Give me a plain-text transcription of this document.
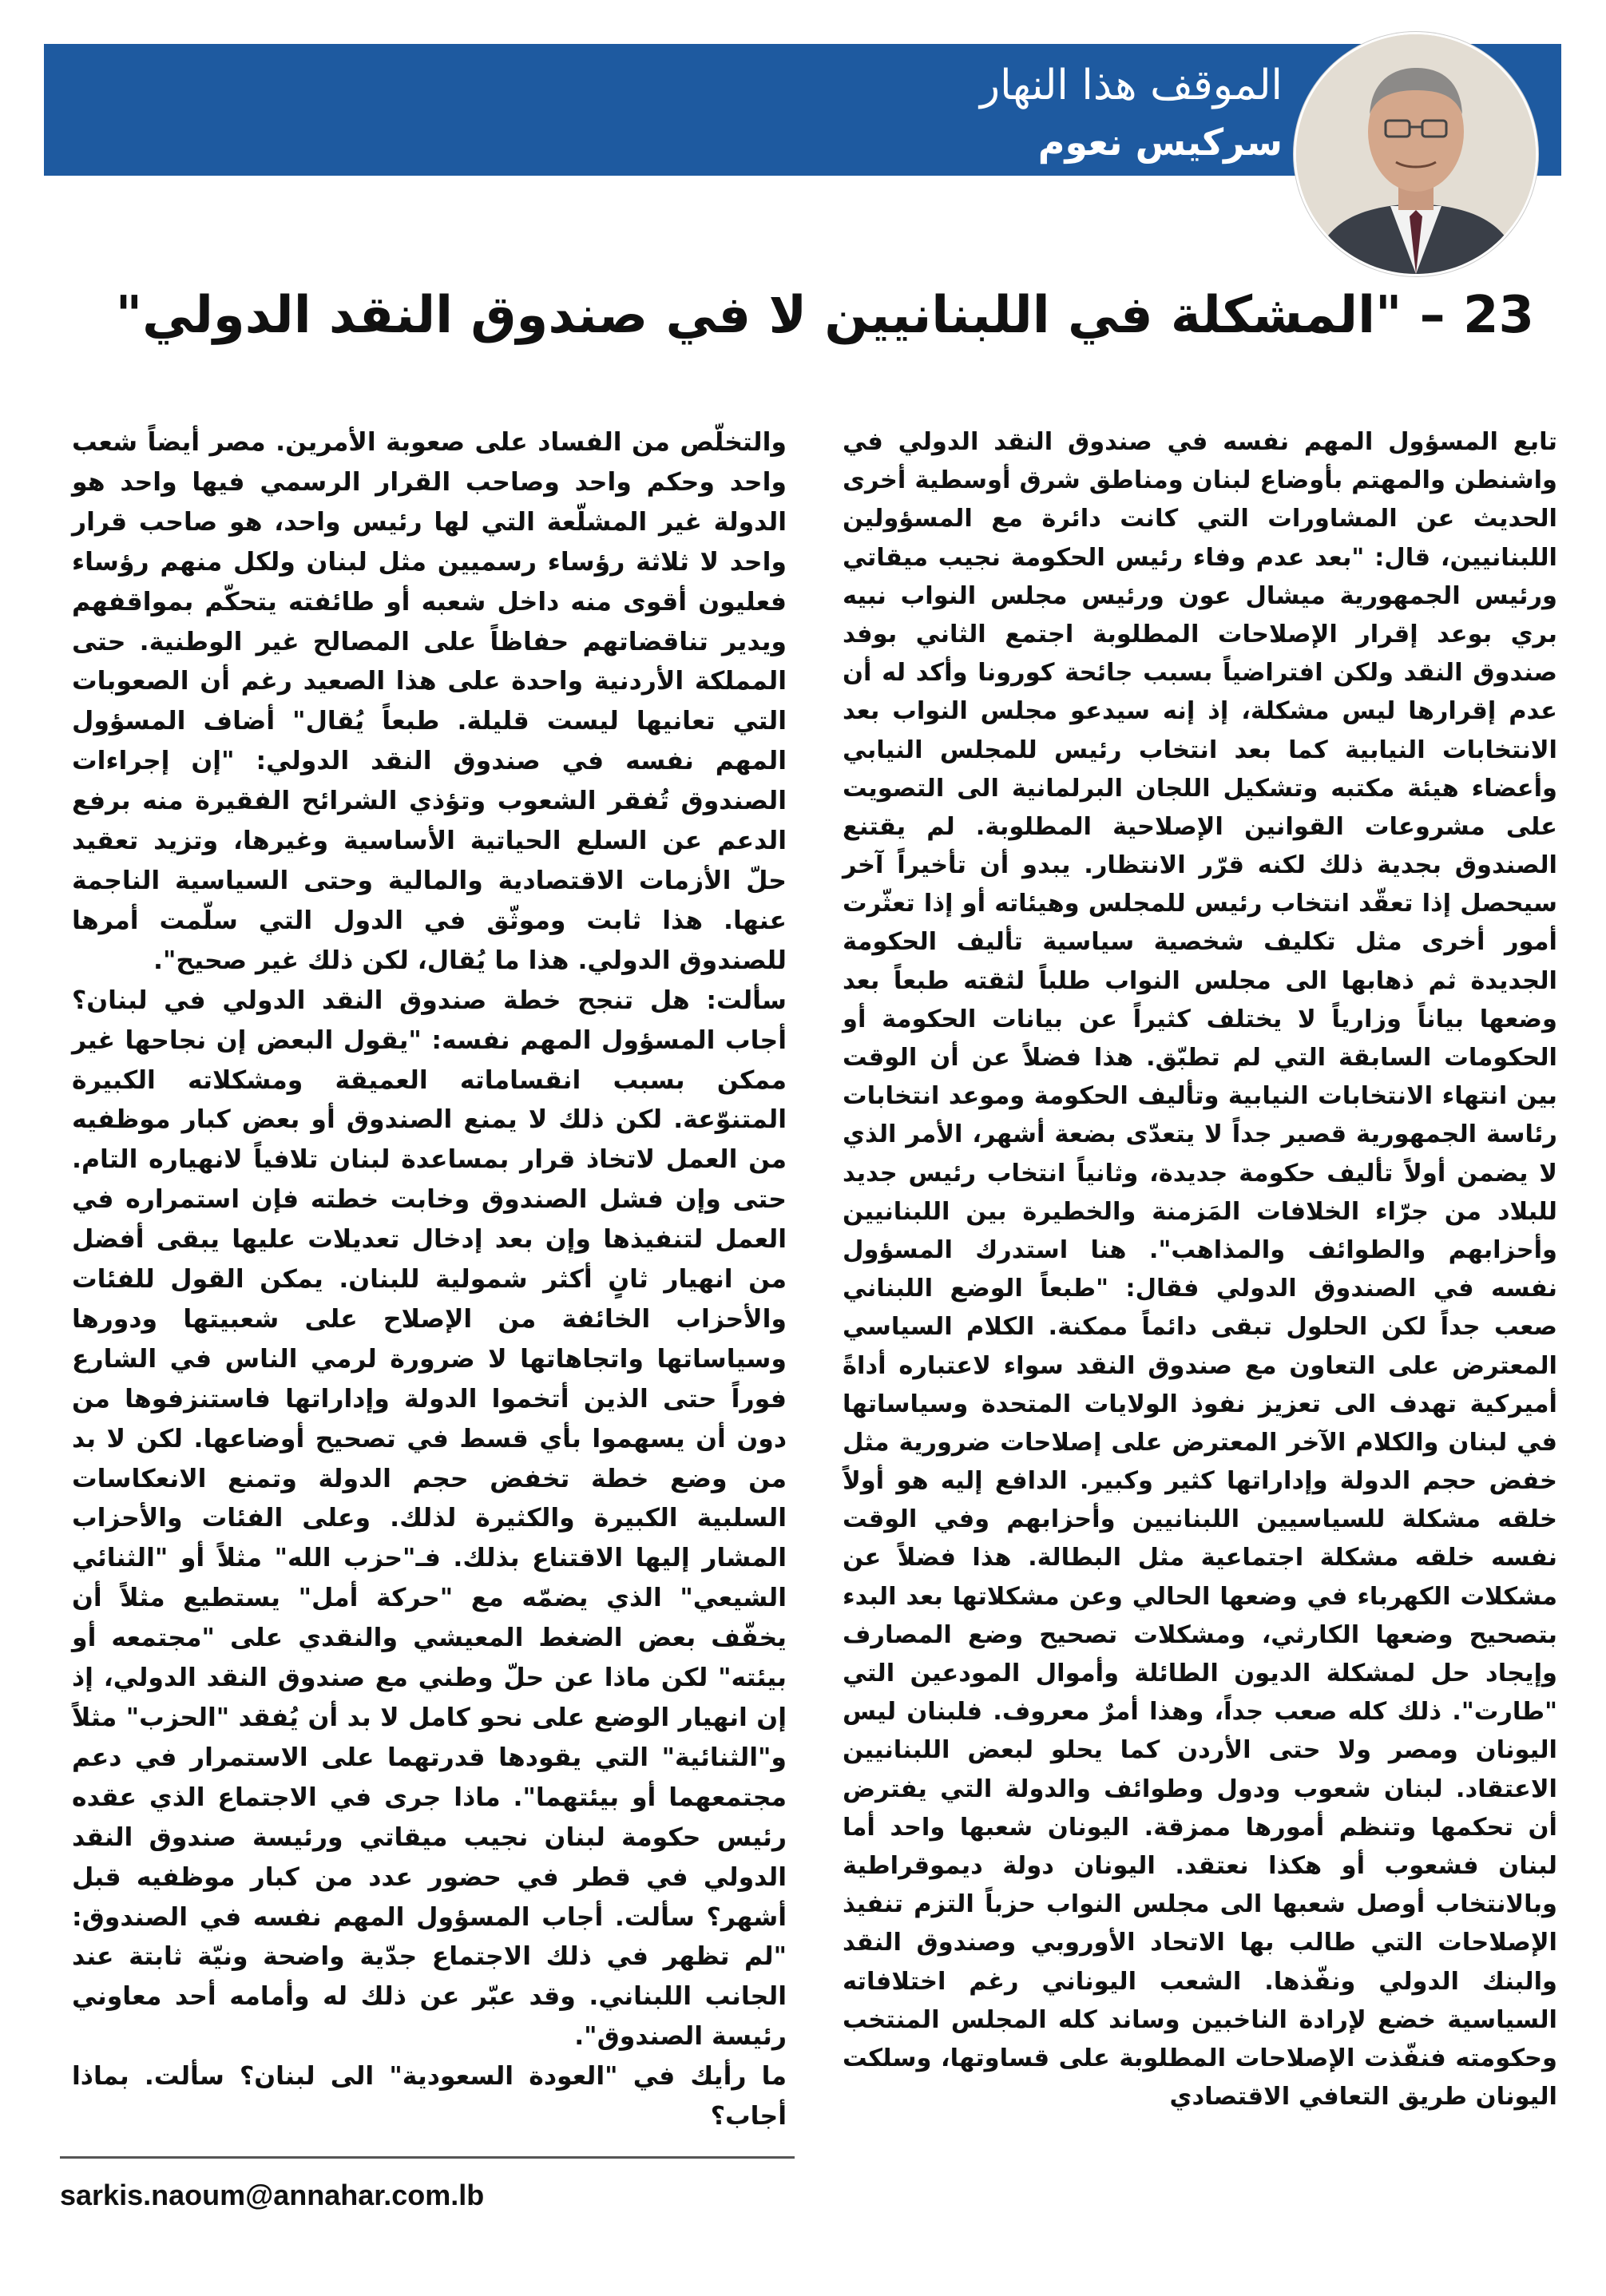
الموقف هذا النهار
سركيس نعوم
23 – "المشكلة في اللبنانيين لا في صندوق النقد الدولي"

تابع المسؤول المهم نفسه في صندوق النقد الدولي في واشنطن والمهتم بأوضاع لبنان ومناطق شرق أوسطية أخرى الحديث عن المشاورات التي كانت دائرة مع المسؤولين اللبنانيين، قال: "بعد عدم وفاء رئيس الحكومة نجيب ميقاتي ورئيس الجمهورية ميشال عون ورئيس مجلس النواب نبيه بري بوعد إقرار الإصلاحات المطلوبة اجتمع الثاني بوفد صندوق النقد ولكن افتراضياً بسبب جائحة كورونا وأكد له أن عدم إقرارها ليس مشكلة، إذ إنه سيدعو مجلس النواب بعد الانتخابات النيابية كما بعد انتخاب رئيس للمجلس النيابي وأعضاء هيئة مكتبه وتشكيل اللجان البرلمانية الى التصويت على مشروعات القوانين الإصلاحية المطلوبة. لم يقتنع الصندوق بجدية ذلك لكنه قرّر الانتظار. يبدو أن تأخيراً آخر سيحصل إذا تعقّد انتخاب رئيس للمجلس وهيئاته أو إذا تعثّرت أمور أخرى مثل تكليف شخصية سياسية تأليف الحكومة الجديدة ثم ذهابها الى مجلس النواب طلباً لثقته طبعاً بعد وضعها بياناً وزارياً لا يختلف كثيراً عن بيانات الحكومة أو الحكومات السابقة التي لم تطبّق. هذا فضلاً عن أن الوقت بين انتهاء الانتخابات النيابية وتأليف الحكومة وموعد انتخابات رئاسة الجمهورية قصير جداً لا يتعدّى بضعة أشهر، الأمر الذي لا يضمن أولاً تأليف حكومة جديدة، وثانياً انتخاب رئيس جديد للبلاد من جرّاء الخلافات المَزمنة والخطيرة بين اللبنانيين وأحزابهم والطوائف والمذاهب". هنا استدرك المسؤول نفسه في الصندوق الدولي فقال: "طبعاً الوضع اللبناني صعب جداً لكن الحلول تبقى دائماً ممكنة. الكلام السياسي المعترض على التعاون مع صندوق النقد سواء لاعتباره أداةً أميركية تهدف الى تعزيز نفوذ الولايات المتحدة وسياساتها في لبنان والكلام الآخر المعترض على إصلاحات ضرورية مثل خفض حجم الدولة وإداراتها كثير وكبير. الدافع إليه هو أولاً خلقه مشكلة للسياسيين اللبنانيين وأحزابهم وفي الوقت نفسه خلقه مشكلة اجتماعية مثل البطالة. هذا فضلاً عن مشكلات الكهرباء في وضعها الحالي وعن مشكلاتها بعد البدء بتصحيح وضعها الكارثي، ومشكلات تصحيح وضع المصارف وإيجاد حل لمشكلة الديون الطائلة وأموال المودعين التي "طارت". ذلك كله صعب جداً، وهذا أمرٌ معروف. فلبنان ليس اليونان ومصر ولا حتى الأردن كما يحلو لبعض اللبنانيين الاعتقاد. لبنان شعوب ودول وطوائف والدولة التي يفترض أن تحكمها وتنظم أمورها ممزقة. اليونان شعبها واحد أما لبنان فشعوب أو هكذا نعتقد. اليونان دولة ديموقراطية وبالانتخاب أوصل شعبها الى مجلس النواب حزباً التزم تنفيذ الإصلاحات التي طالب بها الاتحاد الأوروبي وصندوق النقد والبنك الدولي ونفّذها. الشعب اليوناني رغم اختلافاته السياسية خضع لإرادة الناخبين وساند كله المجلس المنتخب وحكومته فنفّذت الإصلاحات المطلوبة على قساوتها، وسلكت اليونان طريق التعافي الاقتصادي

والتخلّص من الفساد على صعوبة الأمرين. مصر أيضاً شعب واحد وحكم واحد وصاحب القرار الرسمي فيها واحد هو الدولة غير المشلّعة التي لها رئيس واحد، هو صاحب قرار واحد لا ثلاثة رؤساء رسميين مثل لبنان ولكل منهم رؤساء فعليون أقوى منه داخل شعبه أو طائفته يتحكّم بمواقفهم ويدير تناقضاتهم حفاظاً على المصالح غير الوطنية. حتى المملكة الأردنية واحدة على هذا الصعيد رغم أن الصعوبات التي تعانيها ليست قليلة. طبعاً يُقال" أضاف المسؤول المهم نفسه في صندوق النقد الدولي: "إن إجراءات الصندوق تُفقر الشعوب وتؤذي الشرائح الفقيرة منه برفع الدعم عن السلع الحياتية الأساسية وغيرها، وتزيد تعقيد حلّ الأزمات الاقتصادية والمالية وحتى السياسية الناجمة عنها. هذا ثابت وموثّق في الدول التي سلّمت أمرها للصندوق الدولي. هذا ما يُقال، لكن ذلك غير صحيح".

سألت: هل تنجح خطة صندوق النقد الدولي في لبنان؟ أجاب المسؤول المهم نفسه: "يقول البعض إن نجاحها غير ممكن بسبب انقساماته العميقة ومشكلاته الكبيرة المتنوّعة. لكن ذلك لا يمنع الصندوق أو بعض كبار موظفيه من العمل لاتخاذ قرار بمساعدة لبنان تلافياً لانهياره التام. حتى وإن فشل الصندوق وخابت خطته فإن استمراره في العمل لتنفيذها وإن بعد إدخال تعديلات عليها يبقى أفضل من انهيار ثانٍ أكثر شمولية للبنان. يمكن القول للفئات والأحزاب الخائفة من الإصلاح على شعبيتها ودورها وسياساتها واتجاهاتها لا ضرورة لرمي الناس في الشارع فوراً حتى الذين أتخموا الدولة وإداراتها فاستنزفوها من دون أن يسهموا بأي قسط في تصحيح أوضاعها. لكن لا بد من وضع خطة تخفض حجم الدولة وتمنع الانعكاسات السلبية الكبيرة والكثيرة لذلك. وعلى الفئات والأحزاب المشار إليها الاقتناع بذلك. فـ"حزب الله" مثلاً أو "الثنائي الشيعي" الذي يضمّه مع "حركة أمل" يستطيع مثلاً أن يخفّف بعض الضغط المعيشي والنقدي على "مجتمعه أو بيئته" لكن ماذا عن حلّ وطني مع صندوق النقد الدولي، إذ إن انهيار الوضع على نحو كامل لا بد أن يُفقد "الحزب" مثلاً و"الثنائية" التي يقودها قدرتهما على الاستمرار في دعم مجتمعهما أو بيئتهما". ماذا جرى في الاجتماع الذي عقده رئيس حكومة لبنان نجيب ميقاتي ورئيسة صندوق النقد الدولي في قطر في حضور عدد من كبار موظفيه قبل أشهر؟ سألت. أجاب المسؤول المهم نفسه في الصندوق: "لم تظهر في ذلك الاجتماع جدّية واضحة ونيّة ثابتة عند الجانب اللبناني. وقد عبّر عن ذلك له وأمامه أحد معاوني رئيسة الصندوق".

ما رأيك في "العودة السعودية" الى لبنان؟ سألت. بماذا أجاب؟

sarkis.naoum@annahar.com.lb
